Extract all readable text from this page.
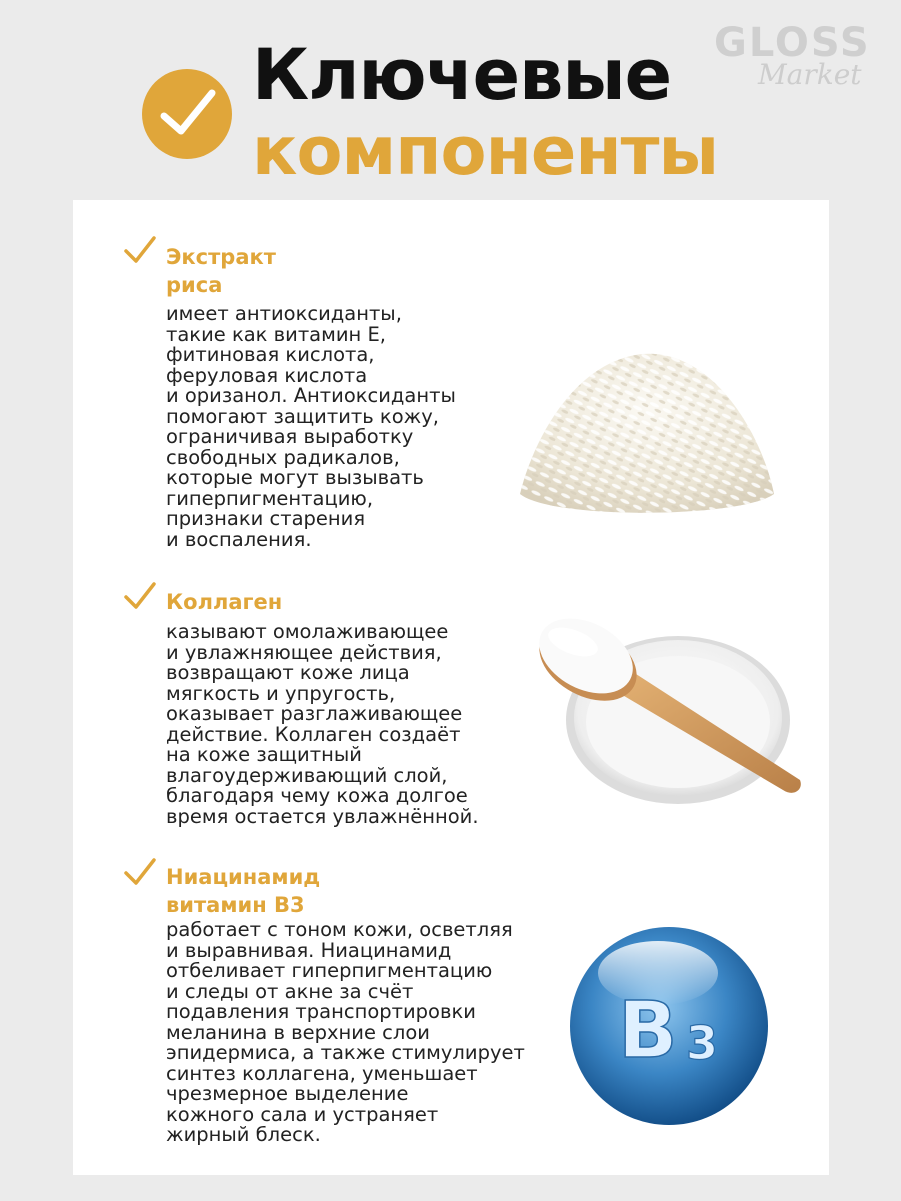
GLOSS
Market
Ключевые
компоненты
Экстракт
риса
имеет антиоксиданты,
такие как витамин Е,
фитиновая кислота,
феруловая кислота
и оризанол. Антиоксиданты
помогают защитить кожу,
ограничивая выработку
свободных радикалов,
которые могут вызывать
гиперпигментацию,
признаки старения
и воспаления.
Коллаген
казывают омолаживающее
и увлажняющее действия,
возвращают коже лица
мягкость и упругость,
оказывает разглаживающее
действие. Коллаген создаёт
на коже защитный
влагоудерживающий слой,
благодаря чему кожа долгое
время остается увлажнённой.
Ниацинамид
витамин В3
работает с тоном кожи, осветляя
и выравнивая. Ниацинамид
отбеливает гиперпигментацию
и следы от акне за счёт
подавления транспортировки
меланина в верхние слои
эпидермиса, а также стимулирует
синтез коллагена, уменьшает
чрезмерное выделение
кожного сала и устраняет
жирный блеск.
B 3
